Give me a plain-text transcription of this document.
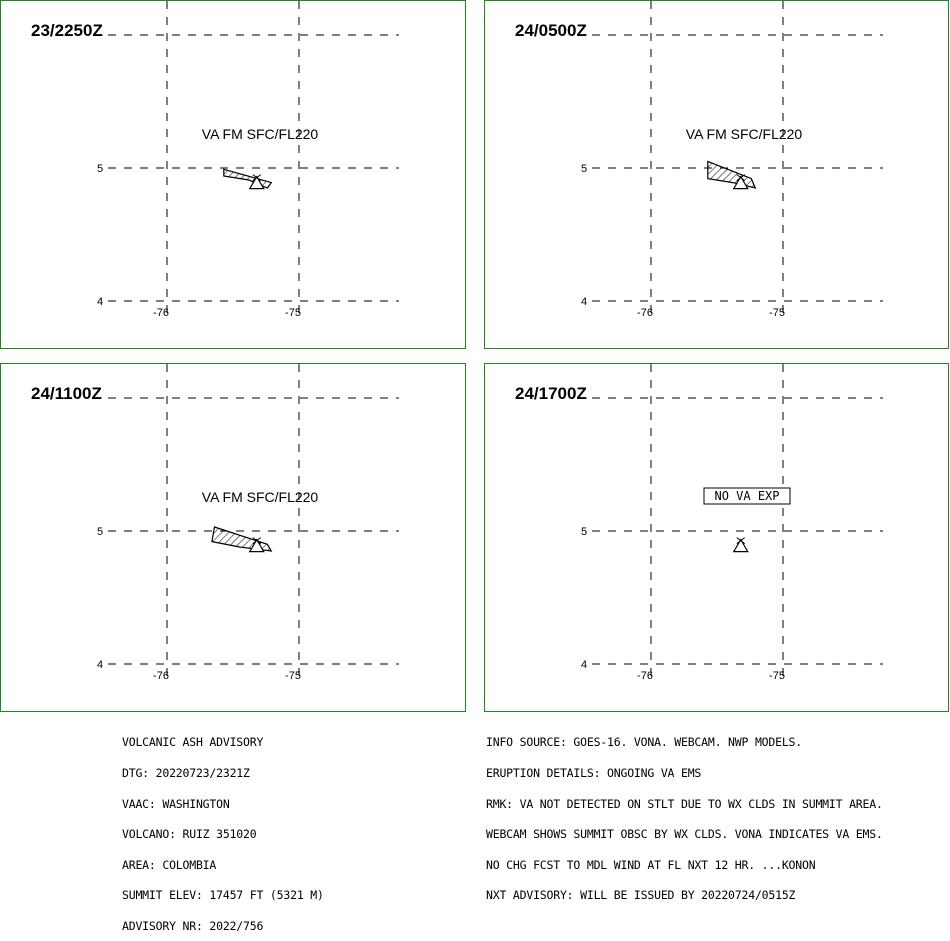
5
4
-76	-75
23/2250Z
VA FM SFC/FL220
5
4
-76	-75
24/0500Z
VA FM SFC/FL220
5
4
-76	-75
24/1100Z
VA FM SFC/FL220
5
4
-76	-75
24/1700Z
NO VA EXP

VOLCANIC ASH ADVISORY

DTG: 20220723/2321Z

VAAC: WASHINGTON

VOLCANO: RUIZ 351020

AREA: COLOMBIA

SUMMIT ELEV: 17457 FT (5321 M)

ADVISORY NR: 2022/756

INFO SOURCE: GOES-16. VONA. WEBCAM. NWP MODELS.

ERUPTION DETAILS: ONGOING VA EMS

RMK: VA NOT DETECTED ON STLT DUE TO WX CLDS IN SUMMIT AREA.

WEBCAM SHOWS SUMMIT OBSC BY WX CLDS. VONA INDICATES VA EMS.

NO CHG FCST TO MDL WIND AT FL NXT 12 HR. ...KONON

NXT ADVISORY: WILL BE ISSUED BY 20220724/0515Z
